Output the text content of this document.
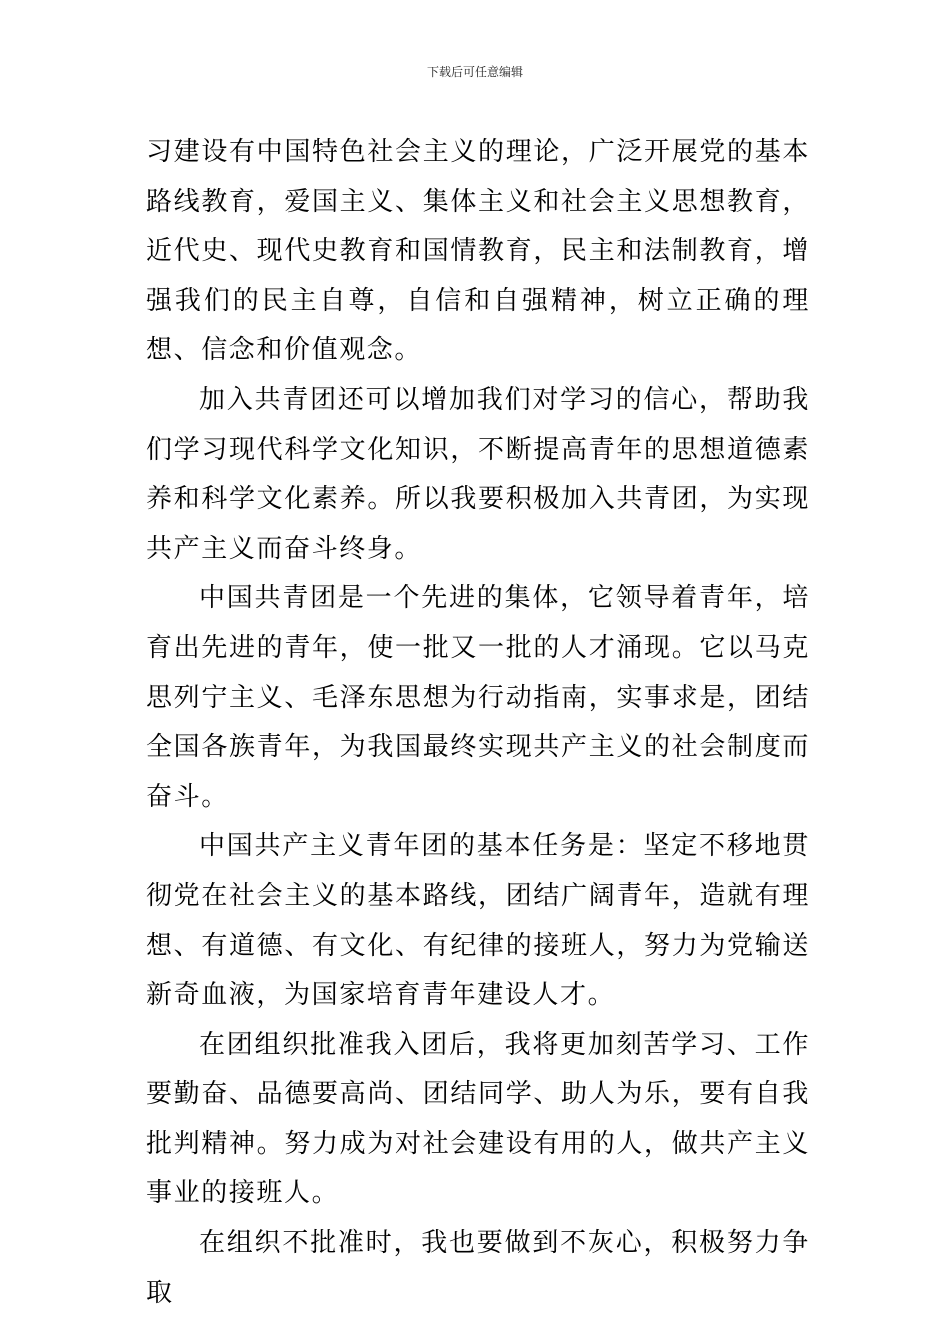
下载后可任意编辑

习建设有中国特色社会主义的理论，广泛开展党的基本路线教育，爱国主义、集体主义和社会主义思想教育，近代史、现代史教育和国情教育，民主和法制教育，增强我们的民主自尊，自信和自强精神，树立正确的理想、信念和价值观念。

加入共青团还可以增加我们对学习的信心，帮助我们学习现代科学文化知识，不断提高青年的思想道德素养和科学文化素养。所以我要积极加入共青团，为实现共产主义而奋斗终身。

中国共青团是一个先进的集体，它领导着青年，培育出先进的青年，使一批又一批的人才涌现。它以马克思列宁主义、毛泽东思想为行动指南，实事求是，团结全国各族青年，为我国最终实现共产主义的社会制度而奋斗。

中国共产主义青年团的基本任务是：坚定不移地贯彻党在社会主义的基本路线，团结广阔青年，造就有理想、有道德、有文化、有纪律的接班人，努力为党输送新奇血液，为国家培育青年建设人才。

在团组织批准我入团后，我将更加刻苦学习、工作要勤奋、品德要高尚、团结同学、助人为乐，要有自我批判精神。努力成为对社会建设有用的人，做共产主义事业的接班人。

在组织不批准时，我也要做到不灰心，积极努力争取
